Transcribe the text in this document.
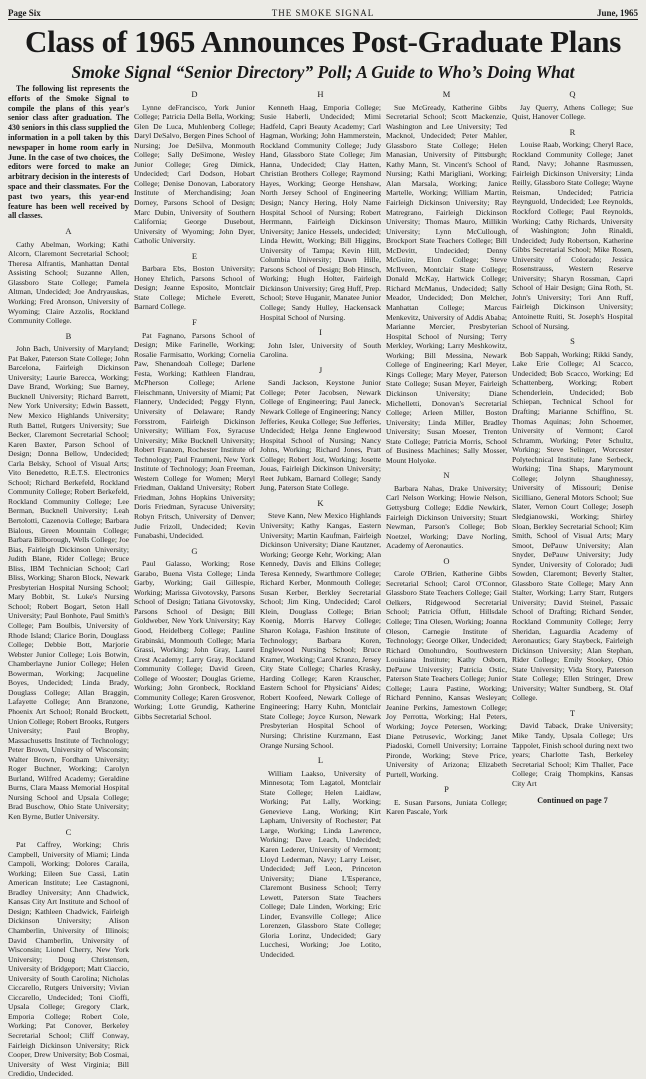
Page Six	THE SMOKE SIGNAL	June, 1965
Class of 1965 Announces Post-Graduate Plans
Smoke Signal “Senior Directory” Poll; A Guide to Who’s Doing What

The following list represents the efforts of the Smoke Signal to compile the plans of this year's senior class after graduation. The 430 seniors in this class supplied the information in a poll taken by this newspaper in home room early in June. In the case of two choices, the editors were forced to make an arbitrary decision in the interests of space and their classmates. For the past two years, this year-end feature has been well received by all classes.

A

Cathy Abelman, Working; Kathi Alcorn, Claremont Secretarial School; Theresa Alfrantis, Manhattan Dental Assisting School; Suzanne Allen, Glassboro State College; Pamela Altman, Undecided; Joe Andryauskas, Working; Fred Aronson, University of Wyoming; Claire Azzolis, Rockland Community College.

B

John Bach, University of Maryland; Pat Baker, Paterson State College; John Barcelona, Fairleigh Dickinson University; Laurie Barecca, Working; Dave Brand, Working; Sue Barney, Bucknell University; Richard Barrett, New York University; Edwin Bassett, New Mexico Highlands University; Ruth Battel, Rutgers University; Sue Becker, Claremont Secretarial School; Karen Baxter, Parson School of Design; Donna Bellow, Undecided; Carla Belsky, School of Visual Arts; Vito Benedetto, R.E.T.S. Electronics School; Richard Berkefeld, Rockland Community College; Robert Berkefeld, Rockland Community College; Lee Berman, Bucknell University; Leah Bertolotti, Cazenovia College; Barbara Bialous, Green Mountain College; Barbara Bilborough, Wells College; Joe Bias, Fairleigh Dickinson University; Judith Blane, Rider College; Bruce Bliss, IBM Technician School; Carl Bliss, Working; Sharon Block, Newark Presbyterian Hospital Nursing School; Mary Bobbit, St. Luke's Nursing School; Robert Bogart, Seton Hall University; Paul Bonhote, Paul Smith's College; Pam Boulbis, University of Rhode Island; Clarice Borin, Douglass College; Debbie Bott, Marjorie Webster Junior College; Lois Botwin, Chamberlayne Junior College; Helen Bowerman, Working; Jacqueline Boyes, Undecided; Linda Brady, Douglass College; Allan Braggin, Lafayette College; Ann Branzone, Phoenix Art School; Ronald Brockett, Union College; Robert Brooks, Rutgers University; Paul Brophy, Massachusetts Institute of Technology; Peter Brown, University of Wisconsin; Walter Brown, Fordham University; Roger Buchner, Working; Carolyn Burland, Wilfred Academy; Geraldine Burns, Clara Maass Memorial Hospital Nursing School and Upsala College; Brad Buschow, Ohio State University; Ken Byrne, Butler University.

C

Pat Caffrey, Working; Chris Campbell, University of Miami; Linda Campoli, Working; Dolores Caraila, Working; Eileen Sue Cassi, Latin American Institute; Lee Castagnoni, Bradley University; Ann Chadwick, Kansas City Art Institute and School of Design; Kathleen Chadwick, Fairleigh Dickinson University; Alison Chamberlin, University of Illinois; David Chamberlin, University of Wisconsin; Lionel Cherry, New York University; Doug Christensen, University of Bridgeport; Matt Ciaccio, University of South Carolina; Nicholas Ciccarello, Rutgers University; Vivian Ciccarello, Undecided; Toni Cioffi, Upsala College; Gregory Clark, Emporia College; Robert Cole, Working; Pat Conover, Berkeley Secretarial School; Cliff Conway, Fairleigh Dickinson University; Rick Cooper, Drew University; Bob Cosmai, University of West Virginia; Bill Credidio, Undecided.

D

Lynne deFrancisco, York Junior College; Patricia Della Bella, Working; Glen De Luca, Muhlenberg College; Daryl DeSalvo, Bergen Pines School of Nursing; Joe DeSilva, Monmouth College; Sally DeSimone, Wesley Junior College; Greg Dimick, Undecided; Carl Dodson, Hobart College; Denise Donovan, Laboratory Institute of Merchandising; Joan Dorney, Parsons School of Design; Marc Dubin, University of Southern California; George Dusebout, University of Wyoming; John Dyer, Catholic University.

E

Barbara Ebs, Boston University; Honey Ehrlich, Parsons School of Design; Jeanne Esposito, Montclair State College; Michele Everett, Barnard College.

F

Pat Fagnano, Parsons School of Design; Mike Farinelle, Working; Rosalie Farmisatto, Working; Cornelia Paw, Shenandoah College; Darlene Festa, Working; Kathleen Flandrau, McPherson College; Arlene Fleischmann, University of Miami; Pat Flannery, Undecided; Peggy Flynn, University of Delaware; Randy Forsstrom, Fairleigh Dickinson University; William Fox, Syracuse University; Mike Bucknell University; Robert Franzen, Rochester Institute of Technology; Paul Fraumeni, New York Institute of Technology; Joan Freeman, Western College for Women; Meryl Friedman, Oakland University; Robert Friedman, Johns Hopkins University; Doris Friedman, Syracuse University; Robyn Fritsch, University of Denver; Judie Frizoll, Undecided; Kevin Funabashi, Undecided.

G

Paul Galasso, Working; Rose Garabo, Buena Vista College; Linda Garby, Working; Gail Gillespie, Working; Marissa Givotovsky, Parsons School of Design; Tatiana Givotovsky, Parsons School of Design; Bill Goldweber, New York University; Kay Good, Heidelberg College; Pauline Grabinski, Monmouth College; Maria Grassi, Working; John Gray, Laurel Crest Academy; Larry Gray, Rockland Community College; David Green, College of Wooster; Douglas Grieme, Working; John Gronbeck, Rockland Community College; Karen Grosvenor, Working; Lotte Grundig, Katherine Gibbs Secretarial School.

H

Kenneth Haag, Emporia College; Susie Haberli, Undecided; Mimi Hadfeld, Capri Beauty Academy; Carl Hagman, Working; John Hammerstein, Rockland Community College; Judy Hand, Glassboro State College; Jim Hanna, Undecided; Clay Hatten, Christian Brothers College; Raymond Hayes, Working; George Henshaw, North Jersey School of Engineering Design; Nancy Hering, Holy Name Hospital School of Nursing; Robert Herrmann, Fairleigh Dickinson University; Janice Hessels, undecided; Linda Hewitt, Working; Bill Higgins, University of Tampa; Kevin Hill, Columbia University; Dawn Hille, Parsons School of Design; Bob Hinsch, Working; Hugh Holter, Fairleigh Dickinson University; Greg Huff, Prep. School; Steve Huganir, Manatee Junior College; Sandy Hulley, Hackensack Hospital School of Nursing.

I

John Isler, University of South Carolina.

J

Sandi Jackson, Keystone Junior College; Peter Jacobsen, Newark College of Engineering; Paul Janeck, Newark College of Engineering; Nancy Jefferies, Keuka College; Sue Jefferies, Undecided; Helga Jenne Englewood Hospital School of Nursing; Nancy Johns, Working; Richard Jones, Pratt College; Robert Jost, Working; Josette Jouas, Fairleigh Dickinson University; Reet Jubkam, Barnard College; Sandy Jung, Paterson State College.

K

Steve Kann, New Mexico Highlands University; Kathy Kangas, Eastern University; Martin Kaufman, Fairleigh Dickinson University; Diane Kautzner, Working; George Kehr, Working; Alan Kennedy, Davis and Elkins College; Teresa Kennedy, Swarthmore College; Richard Kerber, Monmouth College; Susan Kerber, Berkley Secretarial School; Jim King, Undecided; Carol Klein, Douglass College; Brian Koenig, Morris Harvey College; Sharon Kolaga, Fashion Institute of Technology; Barbara Koren, Englewood Nursing School; Bruce Kramer, Working; Carol Kranzo, Jersey City State College; Charles Krasky, Harding College; Karen Krauscher, Eastern School for Physicians' Aides; Robert Koofeed, Newark College of Engineering; Harry Kuhn, Montclair State College; Joyce Kurson, Newark Presbyterian Hospital School of Nursing; Christine Kurzmann, East Orange Nursing School.

L

William Laakso, University of Minnesota; Tom Lagatol, Montclair State College; Helen Laidlaw, Working; Pat Lally, Working; Genevieve Lang, Working; Kirt Lapham, University of Rochester; Pat Large, Working; Linda Lawrence, Working; Dave Leach, Undecided; Karen Lederer, University of Vermont; Lloyd Lederman, Navy; Larry Leiser, Undecided; Jeff Leon, Princeton University; Diane L'Esperance, Claremont Business School; Terry Lewett, Paterson State Teachers College; Dale Linden, Working; Eric Linder, Evansville College; Alice Lorenzen, Glassboro State College; Gloria Lorinz, Undecided; Gary Lucchesi, Working; Joe Lotito, Undecided.

M

Sue McGready, Katherine Gibbs Secretarial School; Scott Mackenzie, Washington and Lee University; Ted Macknol, Undecided; Peter Mahler, Glassboro State College; Helen Manasian, University of Pittsburgh; Kathy Mann, St. Vincent's School of Nursing; Kathi Marigliani, Working; Alan Marsala, Working; Janice Martelle, Working; William Martin, Fairleigh Dickinson University; Ray Matregrano, Fairleigh Dickinson University; Thomas Mauro, Millikin University; Lynn McCullough, Brockport State Teachers College; Bill McDevitt, Undecided; Denny McGuire, Elon College; Steve McIlveen, Montclair State College; Donald McKay, Hartwick College; Richard McManus, Undecided; Sally Meador, Undecided; Don Melcher, Manhattan College; Marcus Menkevitz, University of Addis Ababa; Marianne Mercier, Presbyterian Hospital School of Nursing; Terry Merkley, Working; Larry Meshkowitz, Working; Bill Messina, Newark College of Engineering; Karl Meyer, Kings College; Mary Meyer, Paterson State College; Susan Meyer, Fairleigh Dickinson University; Diane Michelletti, Donovan's Secretarial College; Arleen Miller, Boston University; Linda Miller, Bradley University; Susan Moeser, Trenton State College; Patricia Morris, School of Business Machines; Sally Mosser, Mount Holyoke.

N

Barbara Nahas, Drake University; Carl Nelson Working; Howie Nelson, Gettysburg College; Eddie Newkirk, Fairleigh Dickinson University; Stuart Newman, Parson's College; Bob Noetzel, Working; Dave Norling, Academy of Aeronautics.

O

Carole O'Brien, Katherine Gibbs Secretarial School; Carol O'Connor, Glassboro State Teachers College; Gail Oelkers, Ridgewood Secretarial School; Patricia Offutt, Hillsdale College; Tina Olesen, Working; Joanna Oleson, Carnegie Institute of Technology; George Olker, Undecided; Richard Omohundro, Southwestern Louisiana Institute; Kathy Osborn, DePauw University; Patricia Ostic, Paterson State Teachers College; Junior College; Laura Pastine, Working; Richard Pennino, Kansas Wesleyan; Jeanine Perkins, Jamestown College; Joy Perrotta, Working; Hal Peters, Working; Joyce Petersen, Working; Diane Petrusevic, Working; Janet Piadoski, Cornell University; Lorraine Pironde, Working; Steve Price, University of Arizona; Elizabeth Purtell, Working.

P

E. Susan Parsons, Juniata College; Karen Pascale, York

Q

Jay Querry, Athens College; Sue Quist, Hanover College.

R

Louise Raab, Working; Cheryl Race, Rockland Community College; Janet Rand, Navy; Johanne Rasmussen, Fairleigh Dickinson University; Linda Reilly, Glassboro State College; Wayne Reisman, Undecided; Patricia Reynguold, Undecided; Lee Reynolds, Rockford College; Paul Reynolds, Working; Cathy Richards, University of Washington; John Rinaldi, Undecided; Judy Robertson, Katherine Gibbs Secretarial School; Mike Rosen, University of Colorado; Jessica Rosenstrauss, Western Reserve University; Sharyn Rossman, Capri School of Hair Design; Gina Roth, St. John's University; Tori Ann Ruff, Fairleigh Dickinson University; Antoinette Ruiti, St. Joseph's Hospital School of Nursing.

S

Bob Sappah, Working; Rikki Sandy, Lake Erie College; Al Scacco, Undecided; Bob Scacco, Working; Ed Schattenberg, Working; Robert Schenderlein, Undecided; Bob Schiepan, Technical School for Drafting; Marianne Schiffino, St. Thomas Aquinas; John Schoemer, University of Vermont; Carol Schramm, Working; Peter Schultz, Working; Steve Selinger, Worcester Polytechnical Institute; Jane Serbeck, Working; Tina Shaps, Marymount College; Jolynn Shaughnessy, University of Missouri; Denise Sicilliano, General Motors School; Sue Slater, Vernon Court College; Joseph Sledgianowski, Working; Shirley Sloan, Berkley Secretarial School; Kim Smith, School of Visual Arts; Mary Smoot, DePauw University; Alan Snyder, DePauw University; Judy Synder, University of Colorado; Judi Sowden, Claremont; Beverly Stalter, Glassboro State College; Mary Ann Stalter, Working; Larry Starr, Rutgers University; David Steinel, Passaic School of Drafting; Richard Sender, Rockland Community College; Jerry Sheridan, Laguardia Academy of Aeronautics; Gary Staybeck, Fairleigh Dickinson University; Alan Stephan, Rider College; Emily Stookey, Ohio State University; Vida Story, Paterson State College; Ellen Stringer, Drew University; Walter Sundberg, St. Olaf College.

T

David Taback, Drake University; Mike Tandy, Upsala College; Urs Tappolet, Finish school during next two years; Charlotte Tash, Berkeley Secretarial School; Kim Thaller, Pace College; Craig Thompkins, Kansas City Art

Continued on page 7
